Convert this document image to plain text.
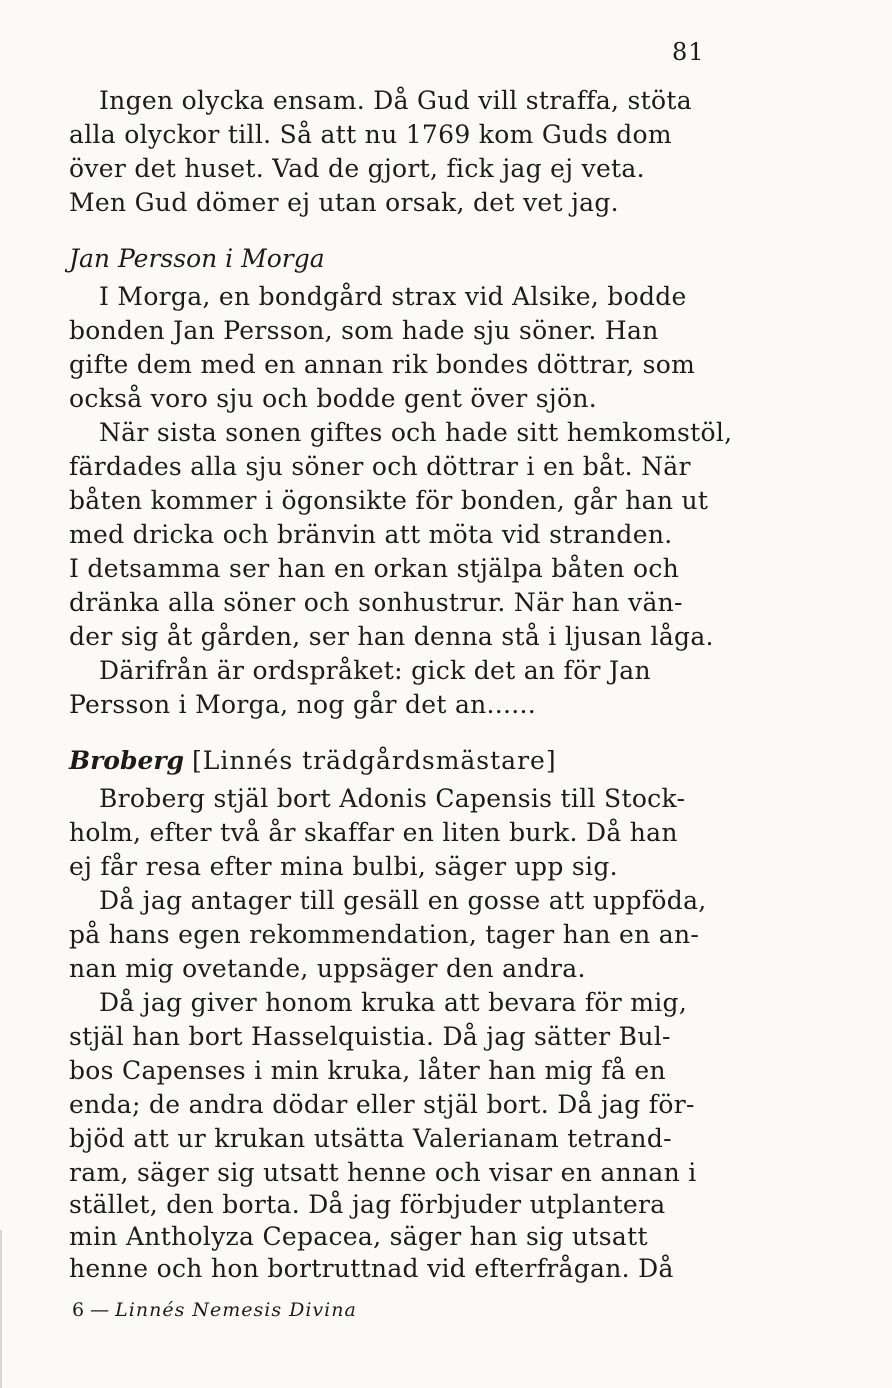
81
Ingen olycka ensam. Då Gud vill straffa, stöta
alla olyckor till. Så att nu 1769 kom Guds dom
över det huset. Vad de gjort, fick jag ej veta.
Men Gud dömer ej utan orsak, det vet jag.
Jan Persson i Morga
I Morga, en bondgård strax vid Alsike, bodde
bonden Jan Persson, som hade sju söner. Han
gifte dem med en annan rik bondes döttrar, som
också voro sju och bodde gent över sjön.
När sista sonen giftes och hade sitt hemkomstöl,
färdades alla sju söner och döttrar i en båt. När
båten kommer i ögonsikte för bonden, går han ut
med dricka och bränvin att möta vid stranden.
I detsamma ser han en orkan stjälpa båten och
dränka alla söner och sonhustrur. När han vän-
der sig åt gården, ser han denna stå i ljusan låga.
Därifrån är ordspråket: gick det an för Jan
Persson i Morga, nog går det an......
Broberg [Linnés trädgårdsmästare]
Broberg stjäl bort Adonis Capensis till Stock-
holm, efter två år skaffar en liten burk. Då han
ej får resa efter mina bulbi, säger upp sig.
Då jag antager till gesäll en gosse att uppföda,
på hans egen rekommendation, tager han en an-
nan mig ovetande, uppsäger den andra.
Då jag giver honom kruka att bevara för mig,
stjäl han bort Hasselquistia. Då jag sätter Bul-
bos Capenses i min kruka, låter han mig få en
enda; de andra dödar eller stjäl bort. Då jag för-
bjöd att ur krukan utsätta Valerianam tetrand-
ram, säger sig utsatt henne och visar en annan i
stället, den borta. Då jag förbjuder utplantera
min Antholyza Cepacea, säger han sig utsatt
henne och hon bortruttnad vid efterfrågan. Då
6 — Linnés Nemesis Divina
